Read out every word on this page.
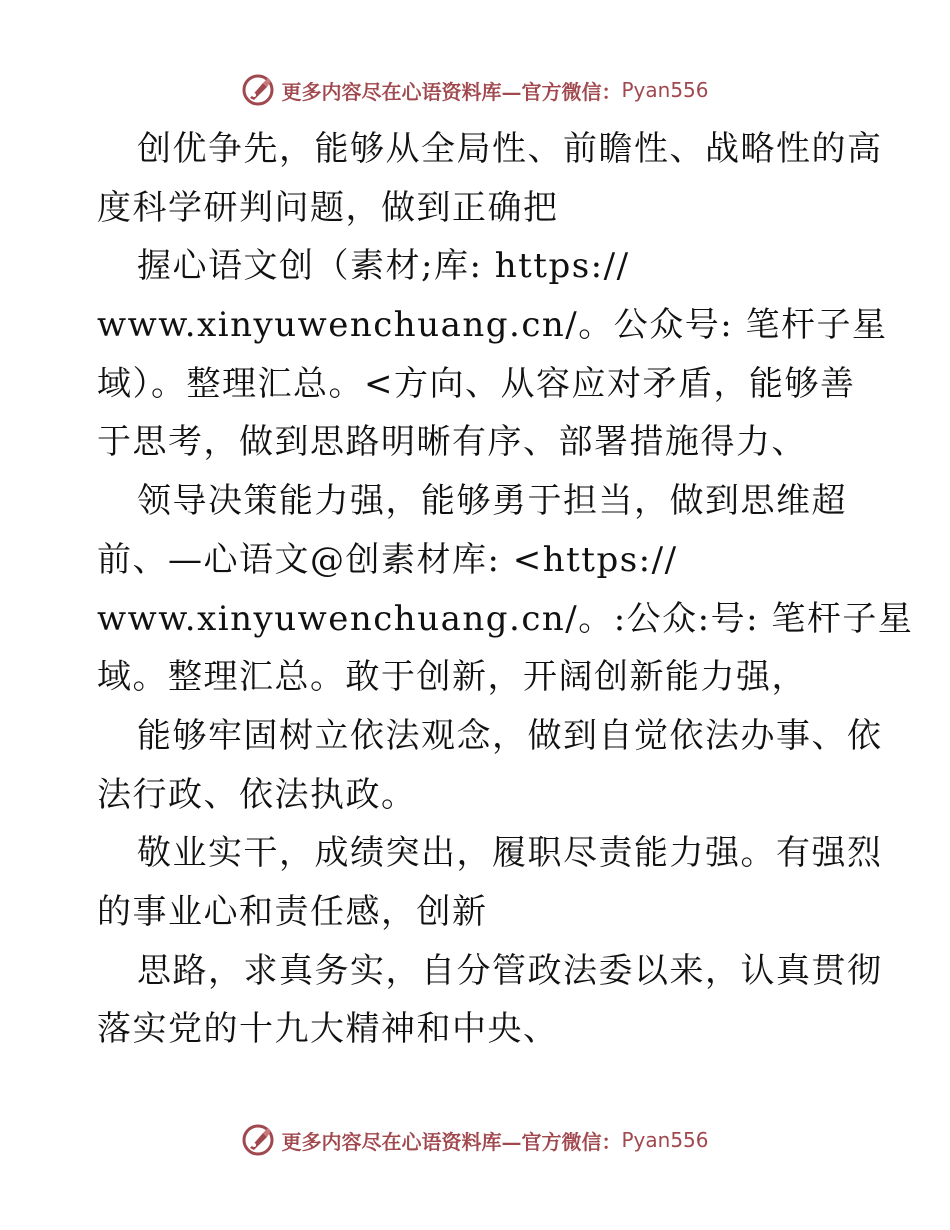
更多内容尽在心语资料库—官方微信： Pyan556
创优争先，能够从全局性、前瞻性、战略性的高
度科学研判问题，做到正确把
握心语文创（素材;库: https://
www.xinyuwenchuang.cn/。公众号: 笔杆子星
域）。整理汇总。<方向、从容应对矛盾，能够善
于思考，做到思路明晰有序、部署措施得力、
领导决策能力强，能够勇于担当，做到思维超
前、—心语文@创素材库: <https://
www.xinyuwenchuang.cn/。:公众:号: 笔杆子星
域。整理汇总。敢于创新，开阔创新能力强，
能够牢固树立依法观念，做到自觉依法办事、依
法行政、依法执政。
敬业实干，成绩突出，履职尽责能力强。有强烈
的事业心和责任感，创新
思路，求真务实，自分管政法委以来，认真贯彻
落实党的十九大精神和中央、
更多内容尽在心语资料库—官方微信： Pyan556
